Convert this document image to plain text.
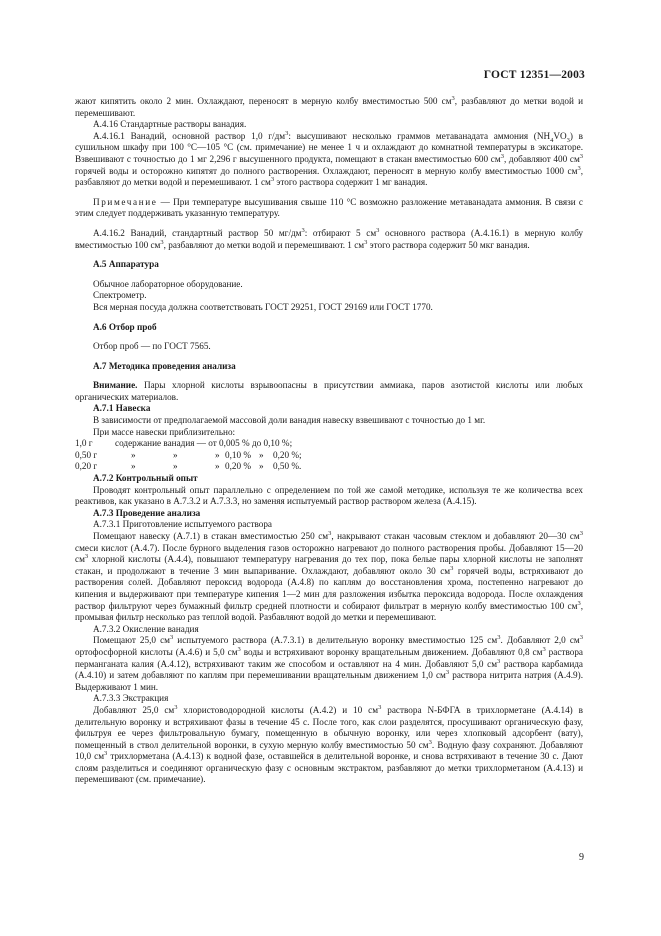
ГОСТ 12351—2003

жают кипятить около 2 мин. Охлаждают, переносят в мерную колбу вместимостью 500 $см^3$, разбавляют до метки водой и перемешивают.

А.4.16 Стандартные растворы ванадия.

А.4.16.1 Ванадий, основной раствор 1,0 $г/дм^3$: высушивают несколько граммов метаванадата аммония $(NH_4VO_3)$ в сушильном шкафу при 100 °С—105 °С (см. примечание) не менее 1 ч и охлаждают до комнатной температуры в эксикаторе. Взвешивают с точностью до 1 мг 2,296 г высушенного продукта, помещают в стакан вместимостью 600 $см^3$, добавляют 400 $см^3$ горячей воды и осторожно кипятят до полного растворения. Охлаждают, переносят в мерную колбу вместимостью 1000 $см^3$, разбавляют до метки водой и перемешивают. 1 $см^3$ этого раствора содержит 1 мг ванадия.

Примечание — При температуре высушивания свыше 110 °С возможно разложение метаванадата аммония. В связи с этим следует поддерживать указанную температуру.

А.4.16.2 Ванадий, стандартный раствор 50 $мг/дм^3$: отбирают 5 $см^3$ основного раствора (А.4.16.1) в мерную колбу вместимостью 100 $см^3$, разбавляют до метки водой и перемешивают. 1 $см^3$ этого раствора содержит 50 мкг ванадия.

А.5 Аппаратура

Обычное лабораторное оборудование.

Спектрометр.

Вся мерная посуда должна соответствовать ГОСТ 29251, ГОСТ 29169 или ГОСТ 1770.

А.6 Отбор проб

Отбор проб — по ГОСТ 7565.

А.7 Методика проведения анализа

Внимание. Пары хлорной кислоты взрывоопасны в присутствии аммиака, паров азотистой кислоты или любых органических материалов.

А.7.1 Навеска

В зависимости от предполагаемой массовой доли ванадия навеску взвешивают с точностью до 1 мг.

При массе навески приблизительно:

1,0 г содержание ванадия — от 0,005 % до 0,10 %;
0,50 г	»	»	» 0,10 % » 0,20 %;
0,20 г	»	»	» 0,20 % » 0,50 %.

А.7.2 Контрольный опыт

Проводят контрольный опыт параллельно с определением по той же самой методике, используя те же количества всех реактивов, как указано в А.7.3.2 и А.7.3.3, но заменяя испытуемый раствор раствором железа (А.4.15).

А.7.3 Проведение анализа

А.7.3.1 Приготовление испытуемого раствора

Помещают навеску (А.7.1) в стакан вместимостью 250 $см^3$, накрывают стакан часовым стеклом и добавляют 20—30 $см^3$ смеси кислот (А.4.7). После бурного выделения газов осторожно нагревают до полного растворения пробы. Добавляют 15—20 $см^3$ хлорной кислоты (А.4.4), повышают температуру нагревания до тех пор, пока белые пары хлорной кислоты не заполнят стакан, и продолжают в течение 3 мин выпаривание. Охлаждают, добавляют около 30 $см^3$ горячей воды, встряхивают до растворения солей. Добавляют пероксид водорода (А.4.8) по каплям до восстановления хрома, постепенно нагревают до кипения и выдерживают при температуре кипения 1—2 мин для разложения избытка пероксида водорода. После охлаждения раствор фильтруют через бумажный фильтр средней плотности и собирают фильтрат в мерную колбу вместимостью 100 $см^3$, промывая фильтр несколько раз теплой водой. Разбавляют водой до метки и перемешивают.

А.7.3.2 Окисление ванадия

Помещают 25,0 $см^3$ испытуемого раствора (А.7.3.1) в делительную воронку вместимостью 125 $см^3$. Добавляют 2,0 $см^3$ ортофосфорной кислоты (А.4.6) и 5,0 $см^3$ воды и встряхивают воронку вращательным движением. Добавляют 0,8 $см^3$ раствора перманганата калия (А.4.12), встряхивают таким же способом и оставляют на 4 мин. Добавляют 5,0 $см^3$ раствора карбамида (А.4.10) и затем добавляют по каплям при перемешивании вращательным движением 1,0 $см^3$ раствора нитрита натрия (А.4.9). Выдерживают 1 мин.

А.7.3.3 Экстракция

Добавляют 25,0 $см^3$ хлористоводородной кислоты (А.4.2) и 10 $см^3$ раствора N-БФГА в трихлорметане (А.4.14) в делительную воронку и встряхивают фазы в течение 45 с. После того, как слои разделятся, просушивают органическую фазу, фильтруя ее через фильтровальную бумагу, помещенную в обычную воронку, или через хлопковый адсорбент (вату), помещенный в ствол делительной воронки, в сухую мерную колбу вместимостью 50 $см^3$. Водную фазу сохраняют. Добавляют 10,0 $см^3$ трихлорметана (А.4.13) к водной фазе, оставшейся в делительной воронке, и снова встряхивают в течение 30 с. Дают слоям разделиться и соединяют органическую фазу с основным экстрактом, разбавляют до метки трихлорметаном (А.4.13) и перемешивают (см. примечание).

9
